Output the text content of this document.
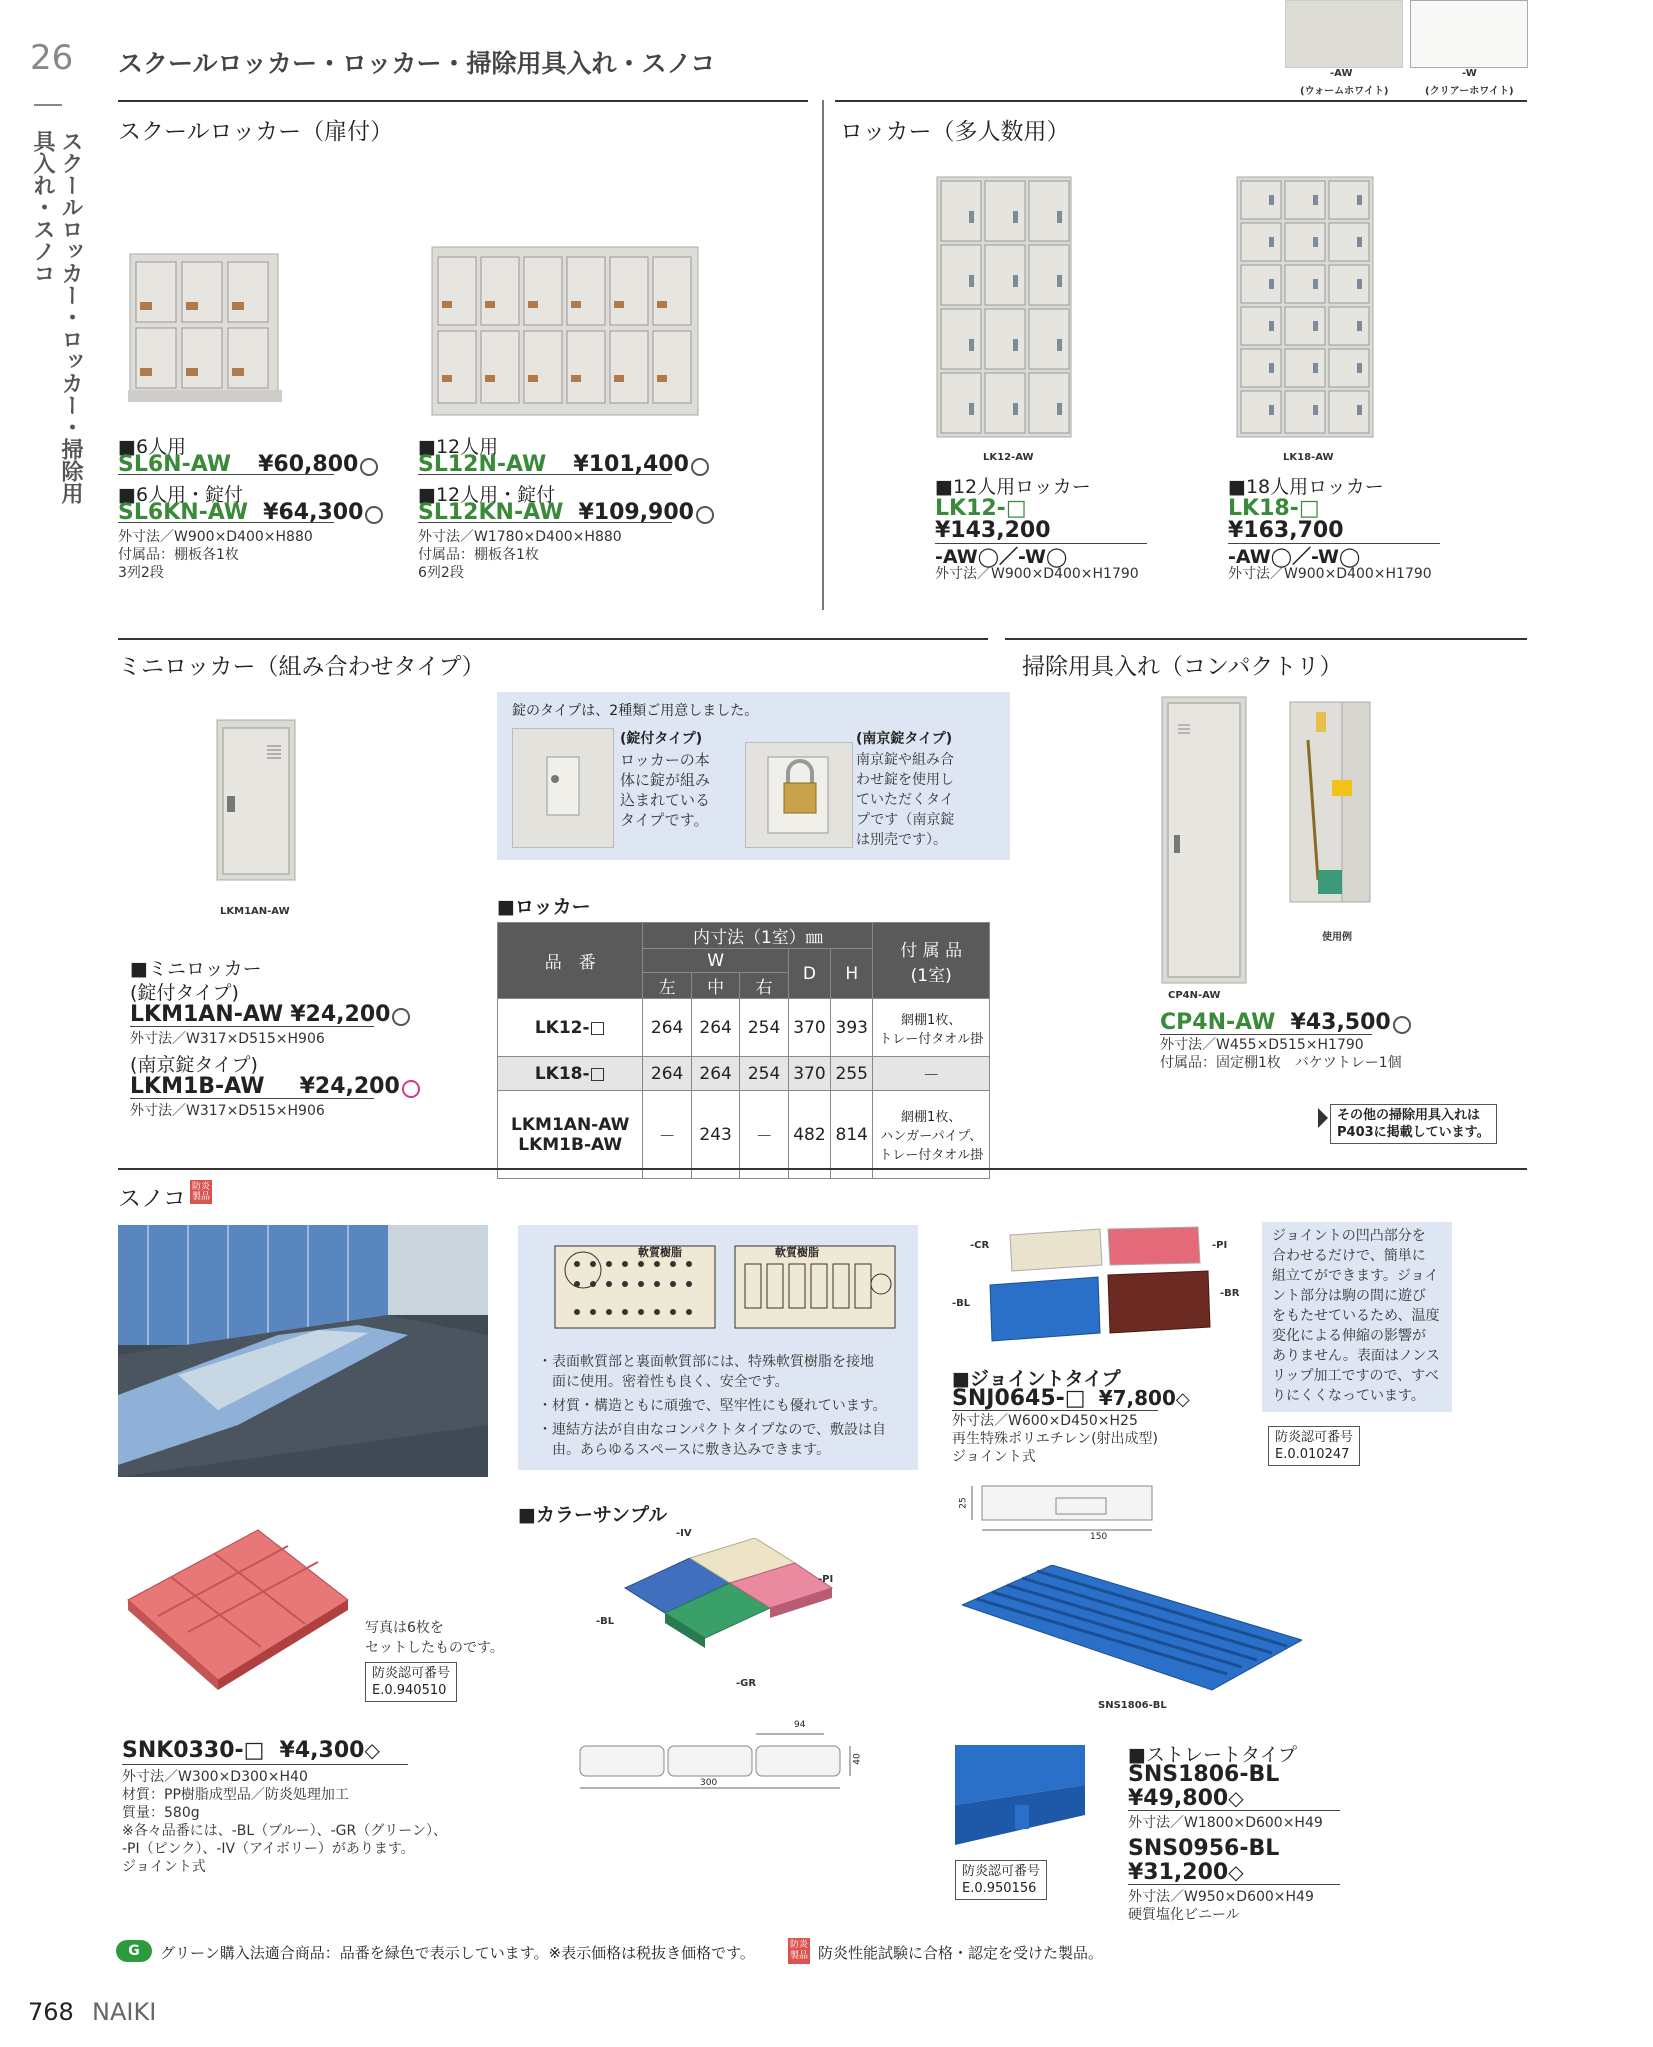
26
スクールロッカー・ロッカー・掃除用具入れ・スノコ
スクールロッカー・ロッカー・掃除用具入れ・スノコ	-AW
(ウォームホワイト)
-W
(クリアーホワイト)
スクールロッカー（扉付）
■6人用
SL6N-AW ¥60,800
■6人用・錠付
SL6KN-AW ¥64,300
外寸法／W900×D400×H880
付属品：棚板各1枚
3列2段
■12人用
SL12N-AW ¥101,400
■12人用・錠付
SL12KN-AW ¥109,900
外寸法／W1780×D400×H880
付属品：棚板各1枚
6列2段
ロッカー（多人数用）
LK12-AW	LK18-AW
■12人用ロッカー
LK12-□
¥143,200
-AW◯／-W◯
外寸法／W900×D400×H1790
■18人用ロッカー
LK18-□
¥163,700
-AW◯／-W◯
外寸法／W900×D400×H1790
ミニロッカー（組み合わせタイプ）
LKM1AN-AW
■ミニロッカー
(錠付タイプ)
LKM1AN-AW ¥24,200
外寸法／W317×D515×H906
(南京錠タイプ)
LKM1B-AW ¥24,200
外寸法／W317×D515×H906
錠のタイプは、2種類ご用意しました。
(錠付タイプ)
ロッカーの本
体に錠が組み
込まれている
タイプです。
(南京錠タイプ)
南京錠や組み合
わせ錠を使用し
ていただくタイ
プです（南京錠
は別売です）。
■ロッカー
品　番	内寸法（1室）㎜					付 属 品
(1室)
	W			D	H	
	左	中	右			
LK12-□	264	264	254	370	393	網棚1枚、
トレー付タオル掛
LK18-□	264	264	254	370	255	－
LKM1AN-AW
LKM1B-AW	－	243	－	482	814	網棚1枚、
ハンガーパイプ、
トレー付タオル掛
掃除用具入れ（コンパクトリ）
CP4N-AW
使用例
CP4N-AW ¥43,500
外寸法／W455×D515×H1790
付属品：固定棚1枚　バケツトレー1個
その他の掃除用具入れは
P403に掲載しています。
スノコ 防炎
製品
軟質樹脂	軟質樹脂
・表面軟質部と裏面軟質部には、特殊軟質樹脂を接地
　面に使用。密着性も良く、安全です。
・材質・構造ともに頑強で、堅牢性にも優れています。
・連結方法が自由なコンパクトタイプなので、敷設は自
　由。あらゆるスペースに敷き込みできます。
-CR	-PI
-BL
-BR
■ジョイントタイプ
SNJ0645-□ ¥7,800◇
外寸法／W600×D450×H25
再生特殊ポリエチレン(射出成型)
ジョイント式
ジョイントの凹凸部分を
合わせるだけで、簡単に
組立てができます。ジョイ
ント部分は駒の間に遊び
をもたせているため、温度
変化による伸縮の影響が
ありません。表面はノンス
リップ加工ですので、すべ
りにくくなっています。
防炎認可番号
E.0.010247
25
150
写真は6枚を
セットしたものです。
防炎認可番号
E.0.940510
SNK0330-□ ¥4,300◇
外寸法／W300×D300×H40
材質：PP樹脂成型品／防炎処理加工
質量：580g
※各々品番には、-BL（ブルー）、-GR（グリーン）、
-PI（ピンク）、-IV（アイボリー）があります。
ジョイント式
■カラーサンプル
-IV
-PI
-BL
-GR
94
40
300
SNS1806-BL
防炎認可番号
E.0.950156
■ストレートタイプ
SNS1806-BL
¥49,800◇
外寸法／W1800×D600×H49
SNS0956-BL
¥31,200◇
外寸法／W950×D600×H49
硬質塩化ビニール
G	グリーン購入法適合商品：品番を緑色で表示しています。※表示価格は税抜き価格です。	防炎
製品 防炎性能試験に合格・認定を受けた製品。
768 NAIKI
